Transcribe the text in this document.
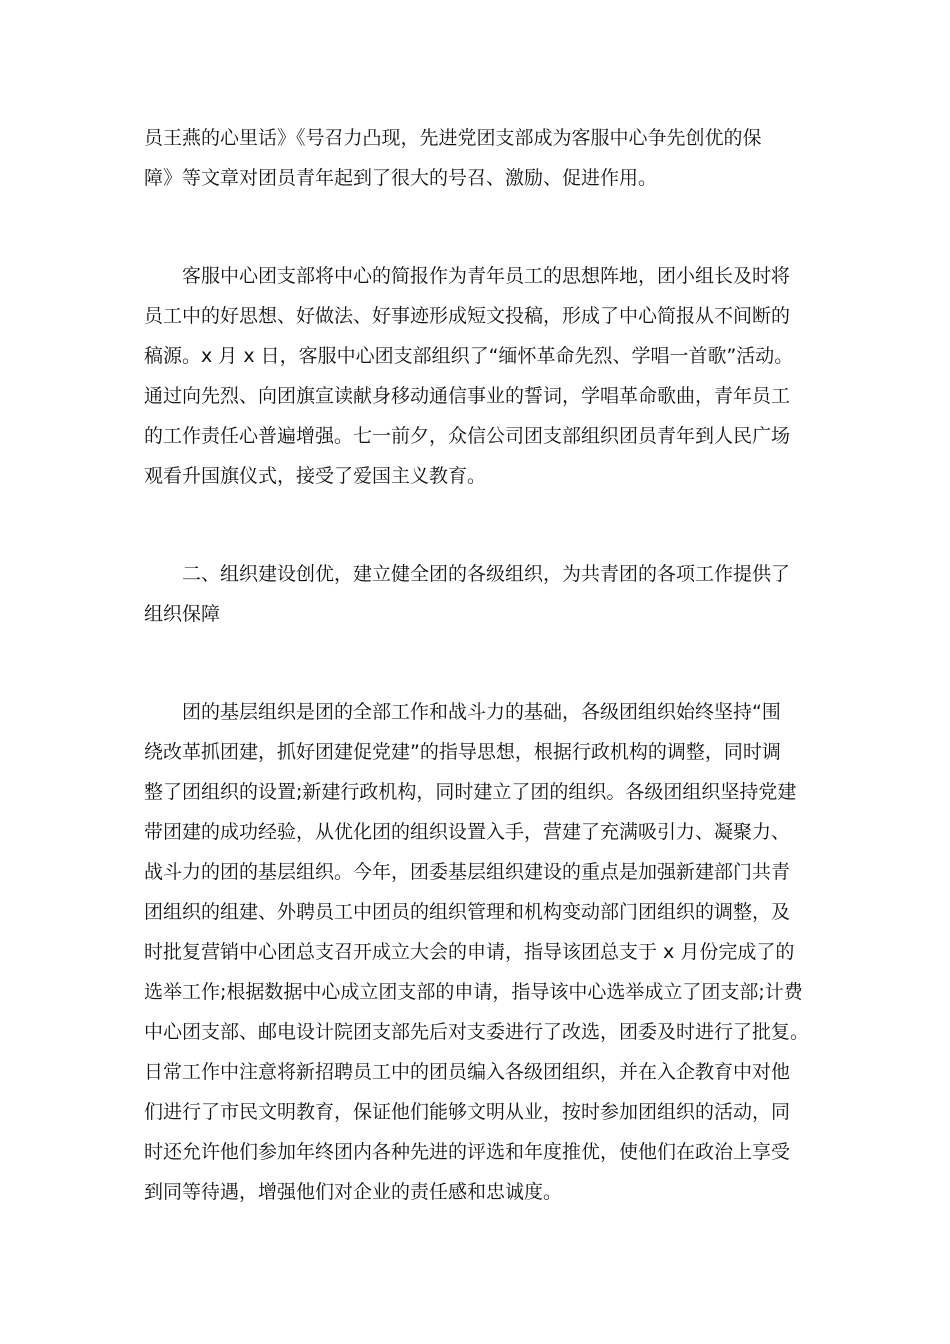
员王燕的心里话》《号召力凸现，先进党团支部成为客服中心争先创优的保
障》等文章对团员青年起到了很大的号召、激励、促进作用。

客服中心团支部将中心的简报作为青年员工的思想阵地，团小组长及时将
员工中的好思想、好做法、好事迹形成短文投稿，形成了中心简报从不间断的
稿源。x 月 x 日，客服中心团支部组织了“缅怀革命先烈、学唱一首歌”活动。
通过向先烈、向团旗宣读献身移动通信事业的誓词，学唱革命歌曲，青年员工
的工作责任心普遍增强。七一前夕，众信公司团支部组织团员青年到人民广场
观看升国旗仪式，接受了爱国主义教育。

二、组织建设创优，建立健全团的各级组织，为共青团的各项工作提供了
组织保障

团的基层组织是团的全部工作和战斗力的基础，各级团组织始终坚持“围
绕改革抓团建，抓好团建促党建”的指导思想，根据行政机构的调整，同时调
整了团组织的设置;新建行政机构，同时建立了团的组织。各级团组织坚持党建
带团建的成功经验，从优化团的组织设置入手，营建了充满吸引力、凝聚力、
战斗力的团的基层组织。今年，团委基层组织建设的重点是加强新建部门共青
团组织的组建、外聘员工中团员的组织管理和机构变动部门团组织的调整，及
时批复营销中心团总支召开成立大会的申请，指导该团总支于 x 月份完成了的
选举工作;根据数据中心成立团支部的申请，指导该中心选举成立了团支部;计费
中心团支部、邮电设计院团支部先后对支委进行了改选，团委及时进行了批复。
日常工作中注意将新招聘员工中的团员编入各级团组织，并在入企教育中对他
们进行了市民文明教育，保证他们能够文明从业，按时参加团组织的活动，同
时还允许他们参加年终团内各种先进的评选和年度推优，使他们在政治上享受
到同等待遇，增强他们对企业的责任感和忠诚度。
